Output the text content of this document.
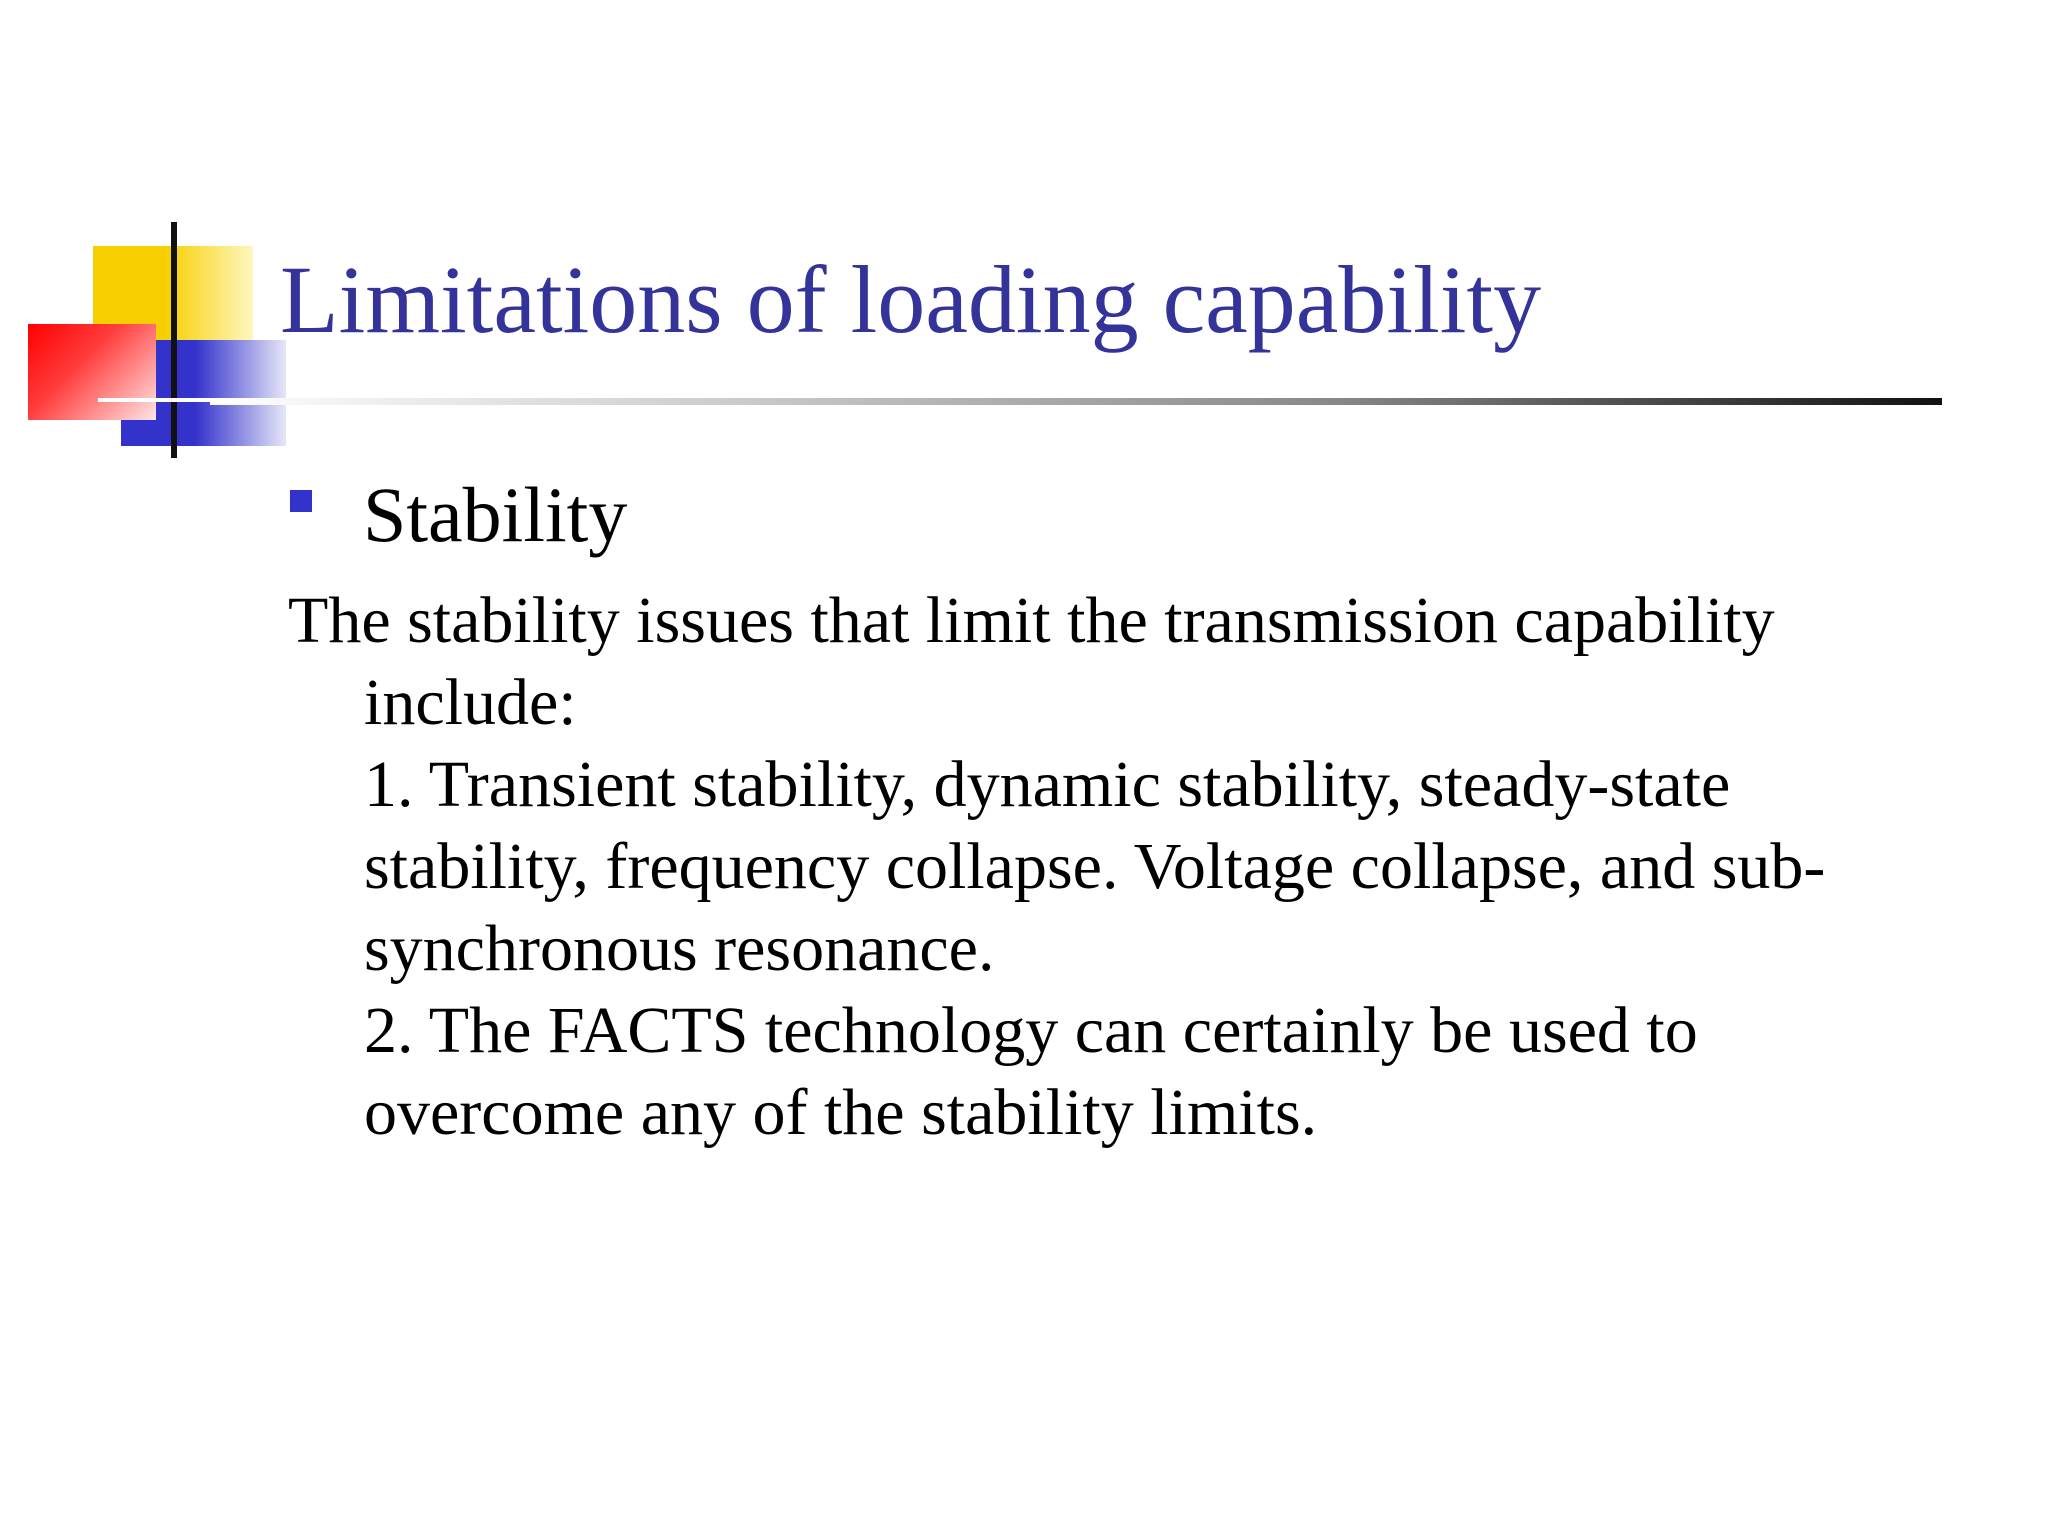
Limitations of loading capability
Stability
The stability issues that limit the transmission capability
include:
1. Transient stability, dynamic stability, steady-state stability, frequency collapse. Voltage collapse, and sub-synchronous resonance.
2. The FACTS technology can certainly be used to overcome any of the stability limits.
